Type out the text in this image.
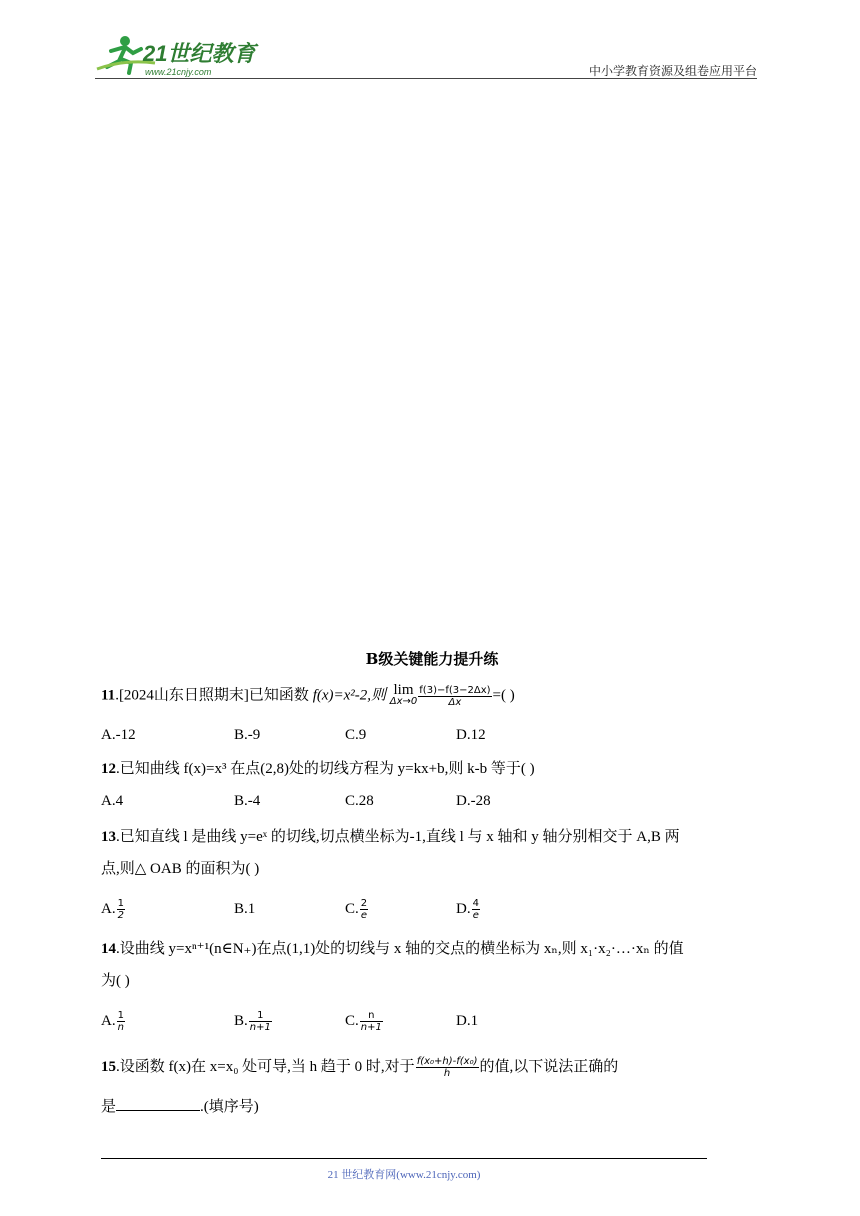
21世纪教育
www.21cnjy.com	中小学教育资源及组卷应用平台
B级关键能力提升练
11.[2024山东日照期末]已知函数 f(x)=x²-2,则 lim
$\Delta x\to 0 \frac{f(3)-f(3-2\Delta x)}{\Delta x}$ =( )
A.-12	B.-9	C.9	D.12
12.已知曲线 f(x)=x³ 在点(2,8)处的切线方程为 y=kx+b,则 k-b 等于( )
A.4	B.-4	C.28	D.-28
13.已知直线 l 是曲线 y=eˣ 的切线,切点横坐标为-1,直线 l 与 x 轴和 y 轴分别相交于 A,B 两
点,则△ OAB 的面积为( )
A. $\frac{1}{2}$	B.1	C. $\frac{2}{e}$	D. $\frac{4}{e}$
14.设曲线 y=xⁿ⁺¹(n∈N₊)在点(1,1)处的切线与 x 轴的交点的横坐标为 xₙ,则 x₁·x₂·…·xₙ 的值
为( )
A. $\frac{1}{n}$	B. $\frac{1}{n+1}$	C. $\frac{n}{n+1}$	D.1
15.设函数 f(x)在 x=x₀ 处可导,当 h 趋于 0 时,对于 $\frac{\text{f(x₀+h)-f(x₀)}}{h}$ 的值,以下说法正确的
是	.(填序号)
21 世纪教育网(www.21cnjy.com)
